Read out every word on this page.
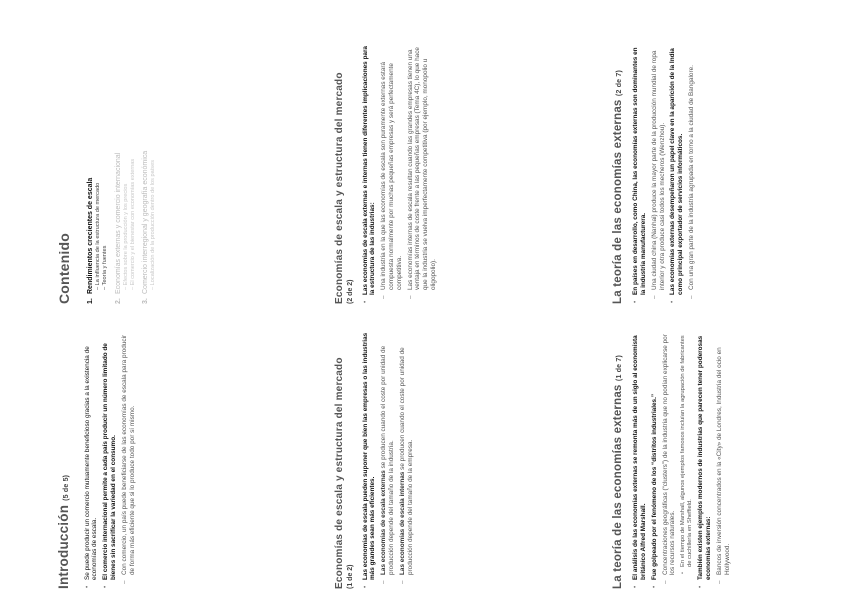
Introducción (5 de 5) • Se puede producir un comercio mutuamente beneficioso gracias a la existencia de economías de escala. • El comercio internacional permite a cada país producir un número limitado de bienes sin sacrificar la variedad en el consumo. – Con comercio, un país puede beneficiarse de las economías de escala para producir de forma más eficiente que si lo produce todo por sí mismo.
Contenido 1.Rendimientos crecientes de escala – La influencia de la estructura de mercado
– Teoría y fuentes
2.Economías externas y comercio internacional – Efectos sobre la producción y los precios
– El comercio y el bienestar con economías externas
3.Comercio interregional y geografía económica – Localización de la producción dentro de los países
Economías de escala y estructura del mercado (1 de 2) • Las economías de escala pueden suponer que bien las empresas o las industrias más grandes sean más eficientes. – Las economías de escala externas se producen cuando el coste por unidad de producción depende del tamaño de la industria. – Las economías de escala internas se producen cuando el coste por unidad de producción depende del tamaño de la empresa.
Economías de escala y estructura del mercado (2 de 2) • Las economías de escala externas e internas tienen diferentes implicaciones para la estructura de las industrias: – Una industria en la que las economías de escala son puramente externas estará compuesta normalmente por muchas pequeñas empresas y será perfectamente competitiva. – Las economías internas de escala resultan cuando las grandes empresas tienen una ventaja en términos de coste frente a las pequeñas empresas (Tema 4C), lo que hace que la industria se vuelva imperfectamente competitiva (por ejemplo, monopolio u oligopolio).
La teoría de las economías externas (1 de 7)	• El análisis de las economías externas se remonta más de un siglo al economista británico Alfred Marshall. • Fue golpeado por el fenómeno de los “distritos industriales.” – Concentraciones geográficas (“clusters”) de la industria que no podían explicarse por los recursos naturales. • En el tiempo de Marshall, algunos ejemplos famosos incluían la agrupación de fabricantes de cuchillería en Sheffield. • También existen ejemplos modernos de industrias que parecen tener poderosas economías externas: – Bancos de inversión concentrados en la «City» de Londres, Industria del ocio en Hollywood.
La teoría de las economías externas (2 de 7)	• En países en desarrollo, como China, las economías externas son dominantes en la industria manufacturera. – Una ciudad china (Nanhai) produce la mayor parte de la producción mundial de ropa interior y otra produce casi todos los mecheros (Wenzhou). • Las economías externas desempeñaron un papel clave en la aparición de la India como principal exportador de servicios informáticos. – Con una gran parte de la industria agrupada en torno a la ciudad de Bangalore.
